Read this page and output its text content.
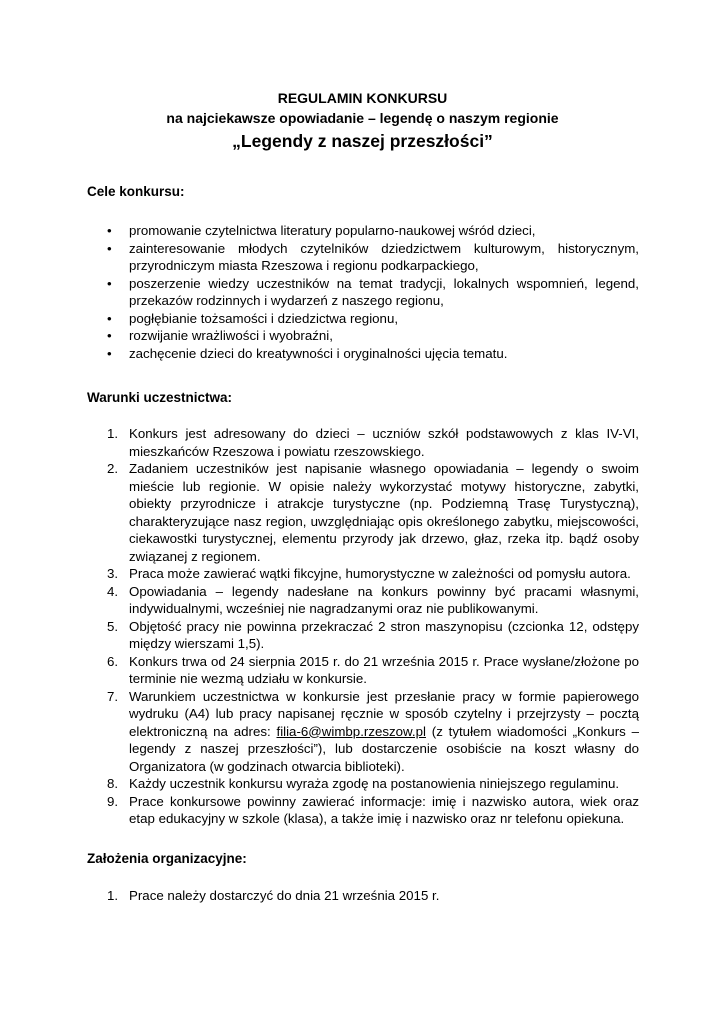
REGULAMIN KONKURSU
na najciekawsze opowiadanie – legendę o naszym regionie
„Legendy z naszej przeszłości”
Cele konkursu:
• promowanie czytelnictwa literatury popularno-naukowej wśród dzieci,
• zainteresowanie młodych czytelników dziedzictwem kulturowym, historycznym, przyrodniczym miasta Rzeszowa i regionu podkarpackiego,
• poszerzenie wiedzy uczestników na temat tradycji, lokalnych wspomnień, legend, przekazów rodzinnych i wydarzeń z naszego regionu,
• pogłębianie tożsamości i dziedzictwa regionu,
• rozwijanie wrażliwości i wyobraźni,
• zachęcenie dzieci do kreatywności i oryginalności ujęcia tematu.
Warunki uczestnictwa:
1. Konkurs jest adresowany do dzieci – uczniów szkół podstawowych z klas IV-VI, mieszkańców Rzeszowa i powiatu rzeszowskiego.
2. Zadaniem uczestników jest napisanie własnego opowiadania – legendy o swoim mieście lub regionie. W opisie należy wykorzystać motywy historyczne, zabytki, obiekty przyrodnicze i atrakcje turystyczne (np. Podziemną Trasę Turystyczną), charakteryzujące nasz region, uwzględniając opis określonego zabytku, miejscowości, ciekawostki turystycznej, elementu przyrody jak drzewo, głaz, rzeka itp. bądź osoby związanej z regionem.
3. Praca może zawierać wątki fikcyjne, humorystyczne w zależności od pomysłu autora.
4. Opowiadania – legendy nadesłane na konkurs powinny być pracami własnymi, indywidualnymi, wcześniej nie nagradzanymi oraz nie publikowanymi.
5. Objętość pracy nie powinna przekraczać 2 stron maszynopisu (czcionka 12, odstępy między wierszami 1,5).
6. Konkurs trwa od 24 sierpnia 2015 r. do 21 września 2015 r. Prace wysłane/złożone po terminie nie wezmą udziału w konkursie.
7. Warunkiem uczestnictwa w konkursie jest przesłanie pracy w formie papierowego wydruku (A4) lub pracy napisanej ręcznie w sposób czytelny i przejrzysty – pocztą elektroniczną na adres: filia-6@wimbp.rzeszow.pl (z tytułem wiadomości „Konkurs – legendy z naszej przeszłości”), lub dostarczenie osobiście na koszt własny do Organizatora (w godzinach otwarcia biblioteki).
8. Każdy uczestnik konkursu wyraża zgodę na postanowienia niniejszego regulaminu.
9. Prace konkursowe powinny zawierać informacje: imię i nazwisko autora, wiek oraz etap edukacyjny w szkole (klasa), a także imię i nazwisko oraz nr telefonu opiekuna.
Założenia organizacyjne:
1. Prace należy dostarczyć do dnia 21 września 2015 r.
